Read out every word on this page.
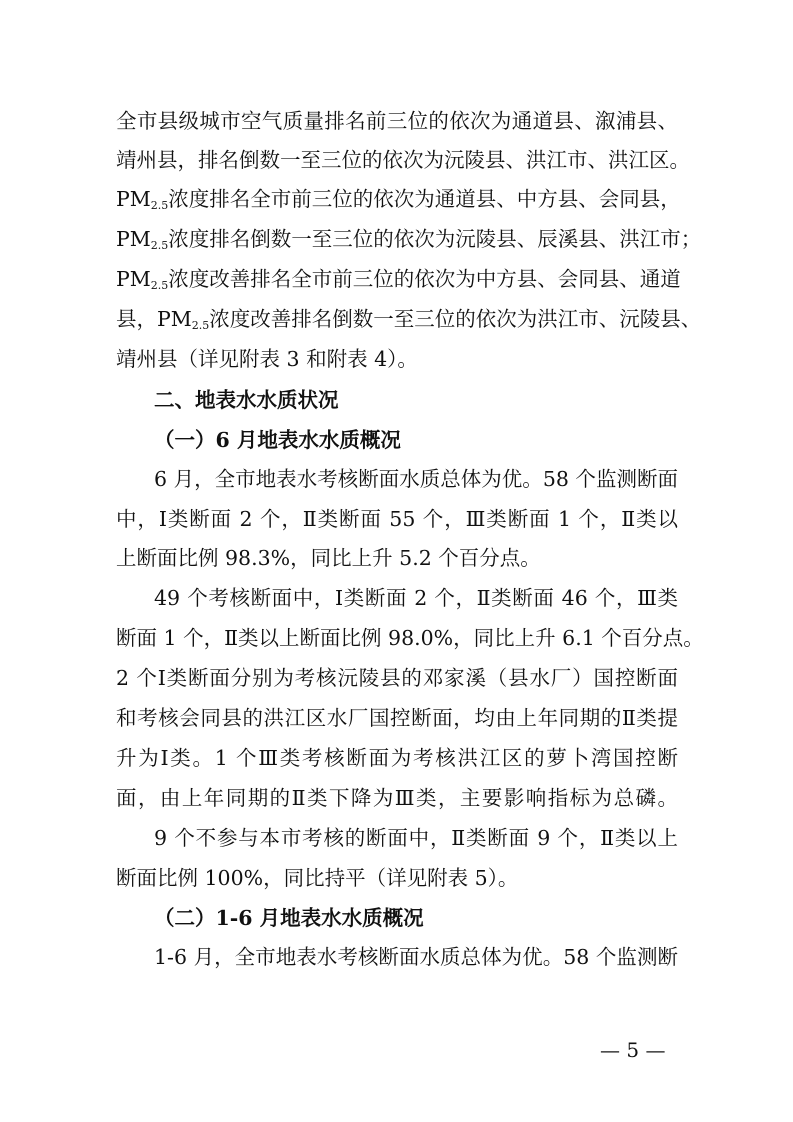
全市县级城市空气质量排名前三位的依次为通道县、溆浦县、
靖州县，排名倒数一至三位的依次为沅陵县、洪江市、洪江区。
$PM_{2.5}$浓度排名全市前三位的依次为通道县、中方县、会同县，
$PM_{2.5}$浓度排名倒数一至三位的依次为沅陵县、辰溪县、洪江市；
$PM_{2.5}$浓度改善排名全市前三位的依次为中方县、会同县、通道
县，$PM_{2.5}$浓度改善排名倒数一至三位的依次为洪江市、沅陵县、
靖州县（详见附表 3 和附表 4）。
二、地表水水质状况
（一）6 月地表水水质概况
6 月，全市地表水考核断面水质总体为优。58 个监测断面
中，Ⅰ类断面 2 个，Ⅱ类断面 55 个，Ⅲ类断面 1 个，Ⅱ类以
上断面比例 98.3%，同比上升 5.2 个百分点。
49 个考核断面中，Ⅰ类断面 2 个，Ⅱ类断面 46 个，Ⅲ类
断面 1 个，Ⅱ类以上断面比例 98.0%，同比上升 6.1 个百分点。
2 个Ⅰ类断面分别为考核沅陵县的邓家溪（县水厂）国控断面
和考核会同县的洪江区水厂国控断面，均由上年同期的Ⅱ类提
升为Ⅰ类。1 个Ⅲ类考核断面为考核洪江区的萝卜湾国控断
面，由上年同期的Ⅱ类下降为Ⅲ类，主要影响指标为总磷。
9 个不参与本市考核的断面中，Ⅱ类断面 9 个，Ⅱ类以上
断面比例 100%，同比持平（详见附表 5）。
（二）1-6 月地表水水质概况
1-6 月，全市地表水考核断面水质总体为优。58 个监测断
— 5 —
